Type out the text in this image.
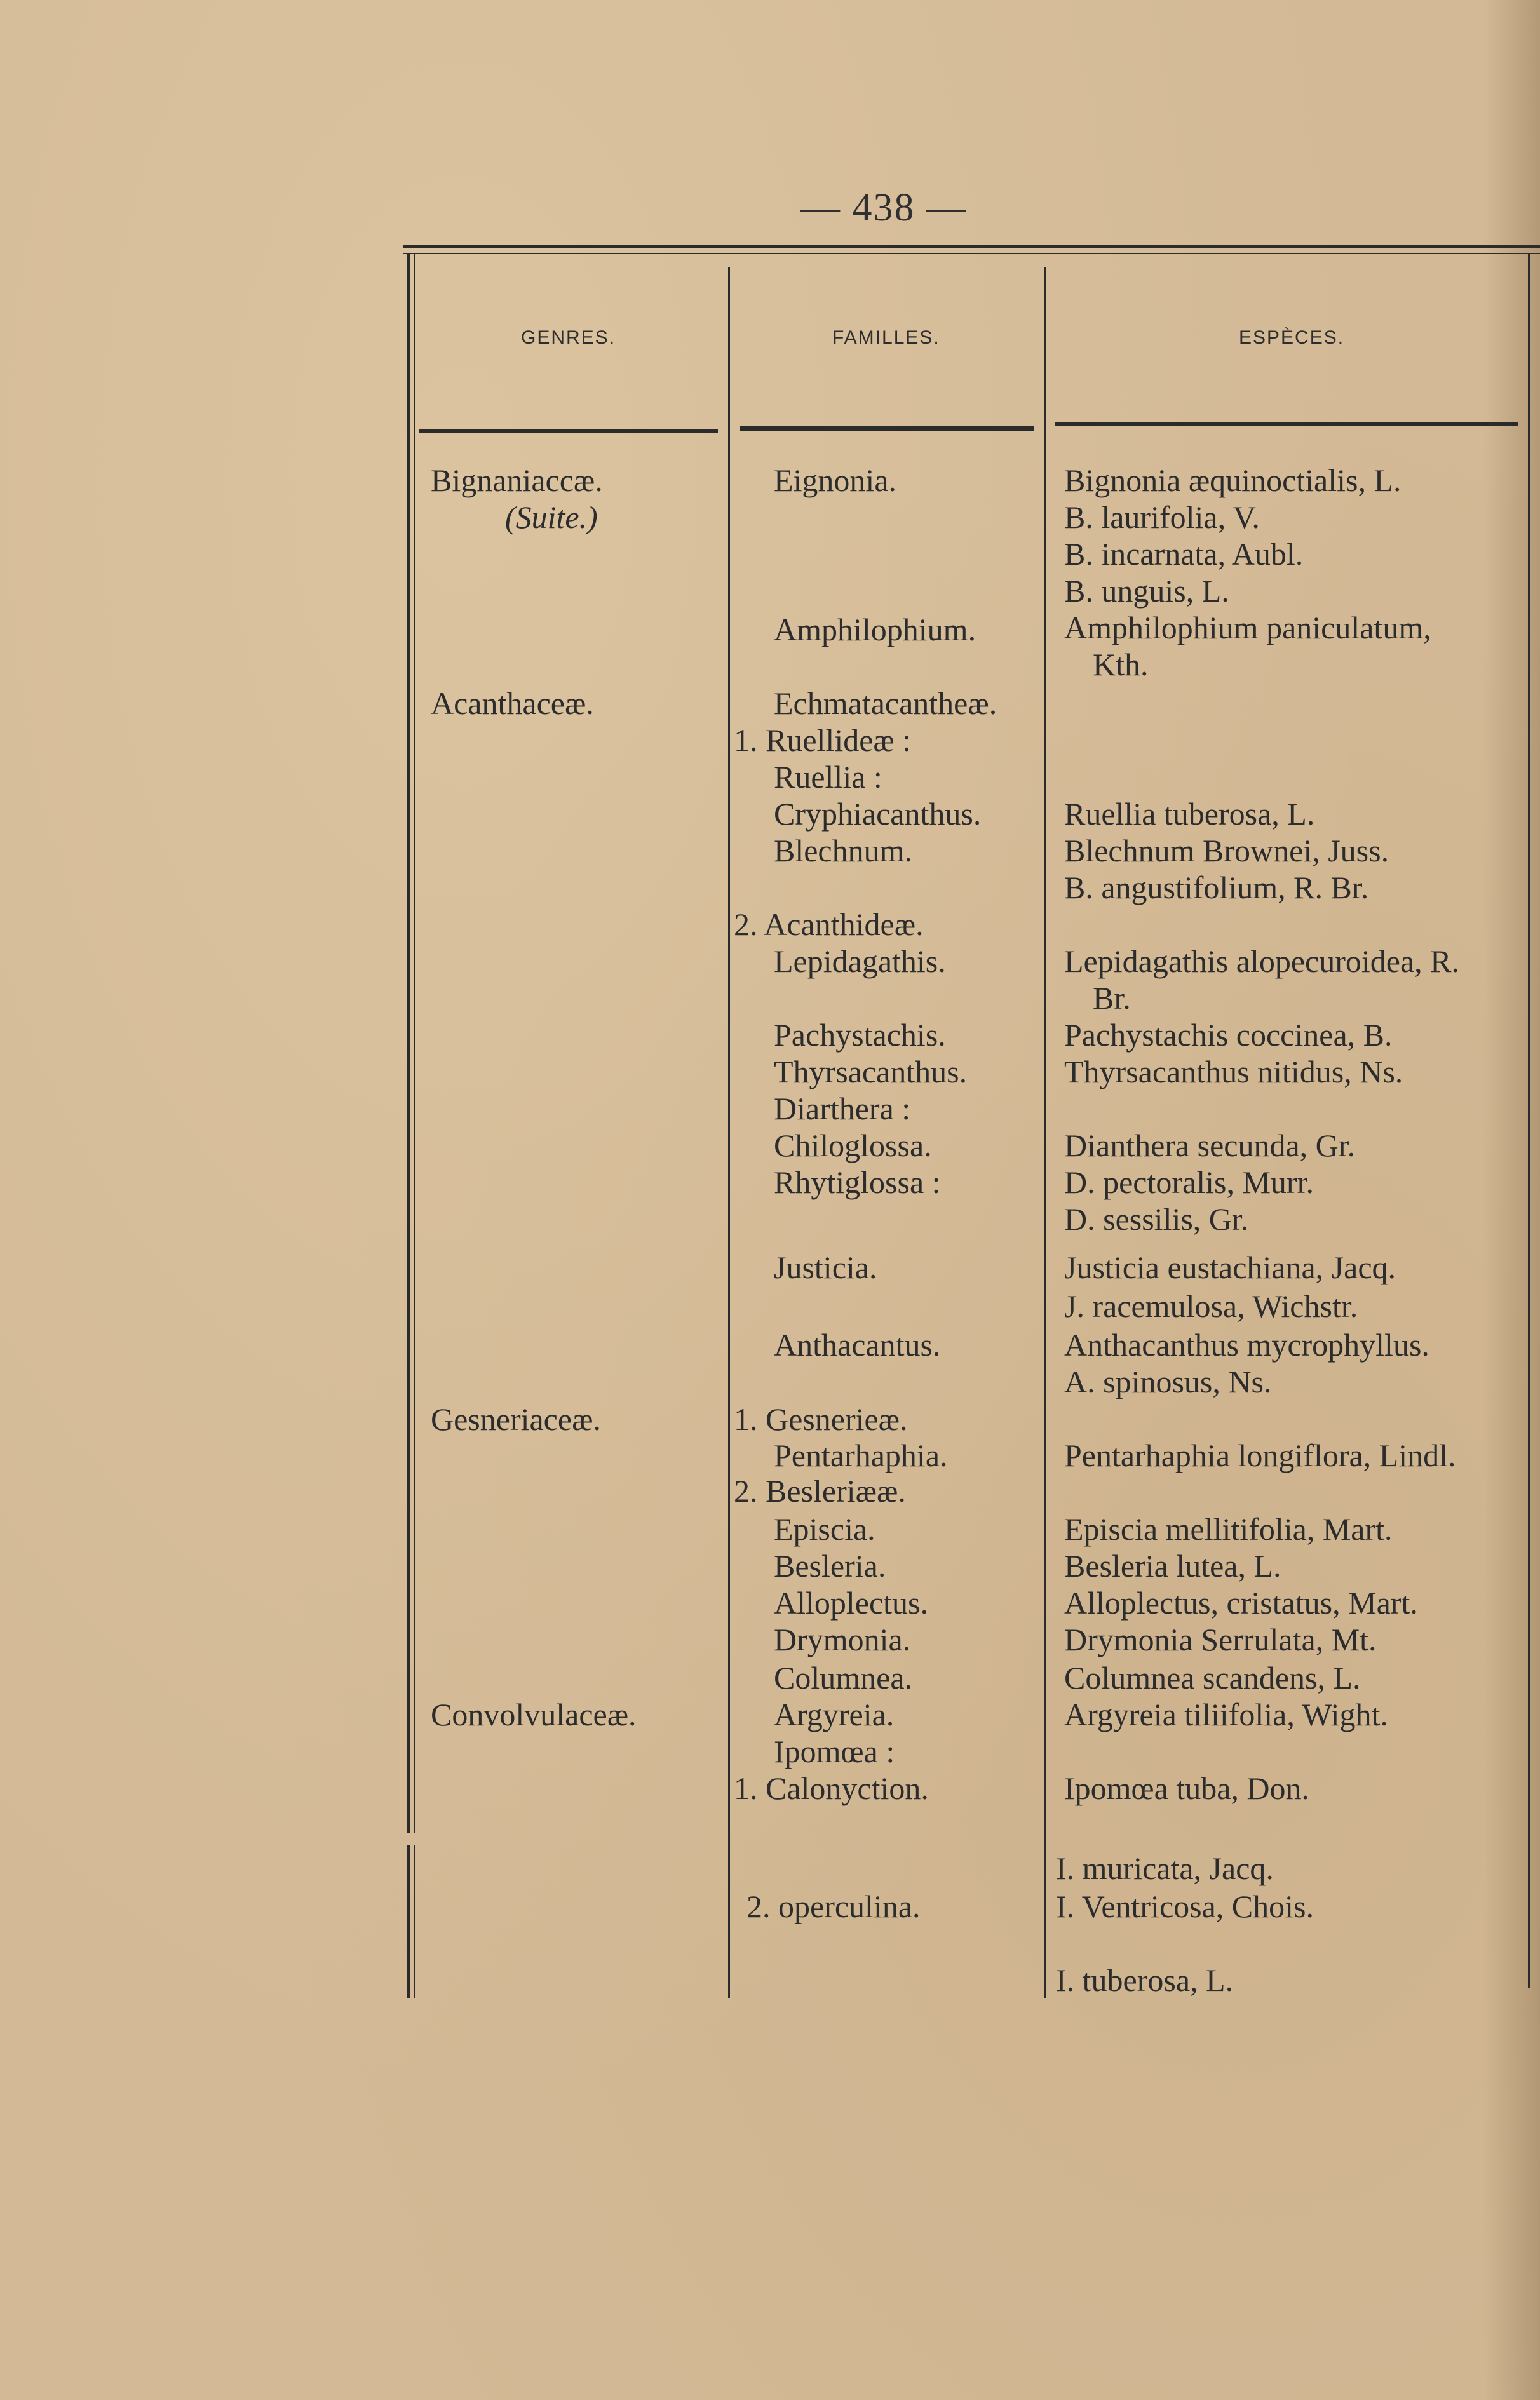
— 438 —
GENRES.	FAMILLES.	ESPÈCES.
Bignaniaccæ.
(Suite.)
Acanthaceæ.
Gesneriaceæ.
Convolvulaceæ.
Eignonia.
Amphilophium.
Echmatacantheæ.
1. Ruellideæ :
Ruellia :
Cryphiacanthus.
Blechnum.
2. Acanthideæ.
Lepidagathis.
Pachystachis.
Thyrsacanthus.
Diarthera :
Chiloglossa.
Rhytiglossa :
Justicia.
Anthacantus.
1. Gesnerieæ.
Pentarhaphia.
2. Besleriææ.
Episcia.
Besleria.
Alloplectus.
Drymonia.
Columnea.
Argyreia.
Ipomœa :
1. Calonyction.
2. operculina.
Bignonia æquinoctialis, L.
B. laurifolia, V.
B. incarnata, Aubl.
B. unguis, L.
Amphilophium paniculatum,
Kth.
Ruellia tuberosa, L.
Blechnum Brownei, Juss.
B. angustifolium, R. Br.
Lepidagathis alopecuroidea, R.
Br.
Pachystachis coccinea, B.
Thyrsacanthus nitidus, Ns.
Dianthera secunda, Gr.
D. pectoralis, Murr.
D. sessilis, Gr.
Justicia eustachiana, Jacq.
J. racemulosa, Wichstr.
Anthacanthus mycrophyllus.
A. spinosus, Ns.
Pentarhaphia longiflora, Lindl.
Episcia mellitifolia, Mart.
Besleria lutea, L.
Alloplectus, cristatus, Mart.
Drymonia Serrulata, Mt.
Columnea scandens, L.
Argyreia tiliifolia, Wight.
Ipomœa tuba, Don.
I. muricata, Jacq.
I. Ventricosa, Chois.
I. tuberosa, L.
